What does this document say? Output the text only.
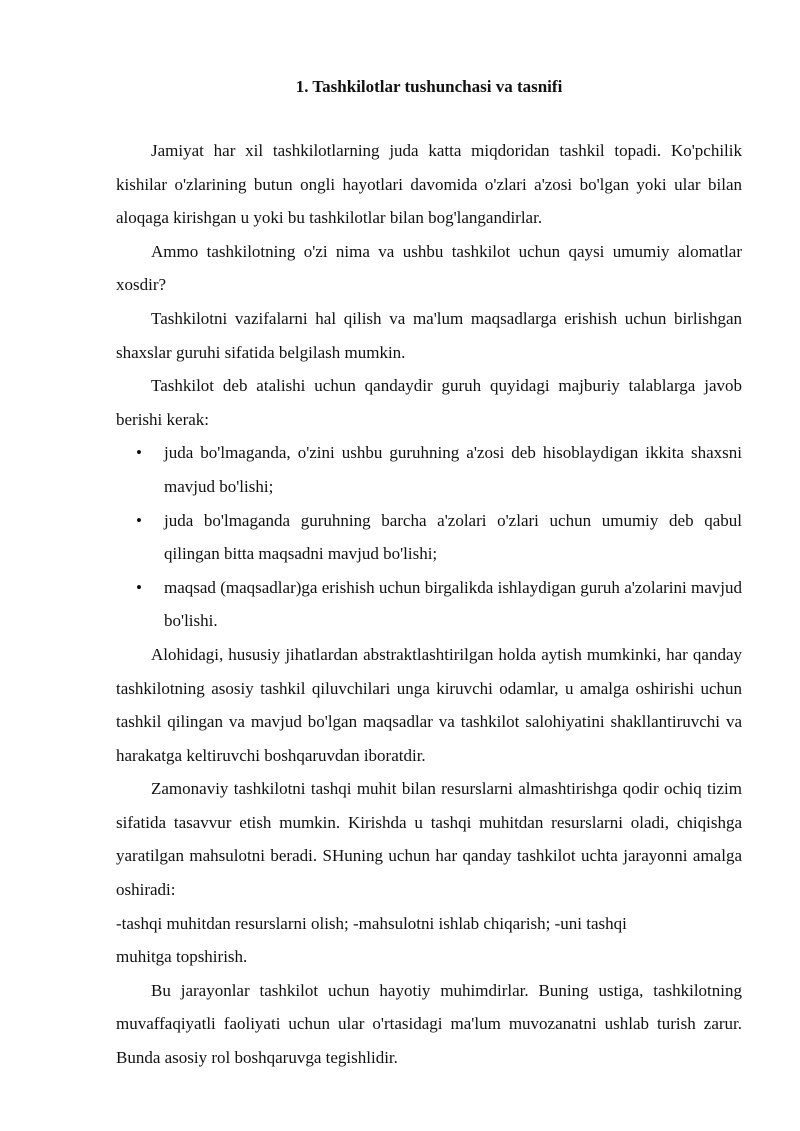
1. Tashkilotlar tushunchasi va tasnifi

Jamiyat har xil tashkilotlarning juda katta miqdoridan tashkil topadi. Ko'pchilik kishilar o'zlarining butun ongli hayotlari davomida o'zlari a'zosi bo'lgan yoki ular bilan aloqaga kirishgan u yoki bu tashkilotlar bilan bog'langandirlar.

Ammo tashkilotning o'zi nima va ushbu tashkilot uchun qaysi umumiy alomatlar xosdir?

Tashkilotni vazifalarni hal qilish va ma'lum maqsadlarga erishish uchun birlishgan shaxslar guruhi sifatida belgilash mumkin.

Tashkilot deb atalishi uchun qandaydir guruh quyidagi majburiy talablarga javob berishi kerak:

• juda bo'lmaganda, o'zini ushbu guruhning a'zosi deb hisoblaydigan ikkita shaxsni mavjud bo'lishi;
• juda bo'lmaganda guruhning barcha a'zolari o'zlari uchun umumiy deb qabul qilingan bitta maqsadni mavjud bo'lishi;
• maqsad (maqsadlar)ga erishish uchun birgalikda ishlaydigan guruh a'zolarini mavjud bo'lishi.

Alohidagi, hususiy jihatlardan abstraktlashtirilgan holda aytish mumkinki, har qanday tashkilotning asosiy tashkil qiluvchilari unga kiruvchi odamlar, u amalga oshirishi uchun tashkil qilingan va mavjud bo'lgan maqsadlar va tashkilot salohiyatini shakllantiruvchi va harakatga keltiruvchi boshqaruvdan iboratdir.

Zamonaviy tashkilotni tashqi muhit bilan resurslarni almashtirishga qodir ochiq tizim sifatida tasavvur etish mumkin. Kirishda u tashqi muhitdan resurslarni oladi, chiqishga yaratilgan mahsulotni beradi. SHuning uchun har qanday tashkilot uchta jarayonni amalga oshiradi:

-tashqi muhitdan resurslarni olish; -mahsulotni ishlab chiqarish; -uni tashqi

muhitga topshirish.

Bu jarayonlar tashkilot uchun hayotiy muhimdirlar. Buning ustiga, tashkilotning muvaffaqiyatli faoliyati uchun ular o'rtasidagi ma'lum muvozanatni ushlab turish zarur. Bunda asosiy rol boshqaruvga tegishlidir.
